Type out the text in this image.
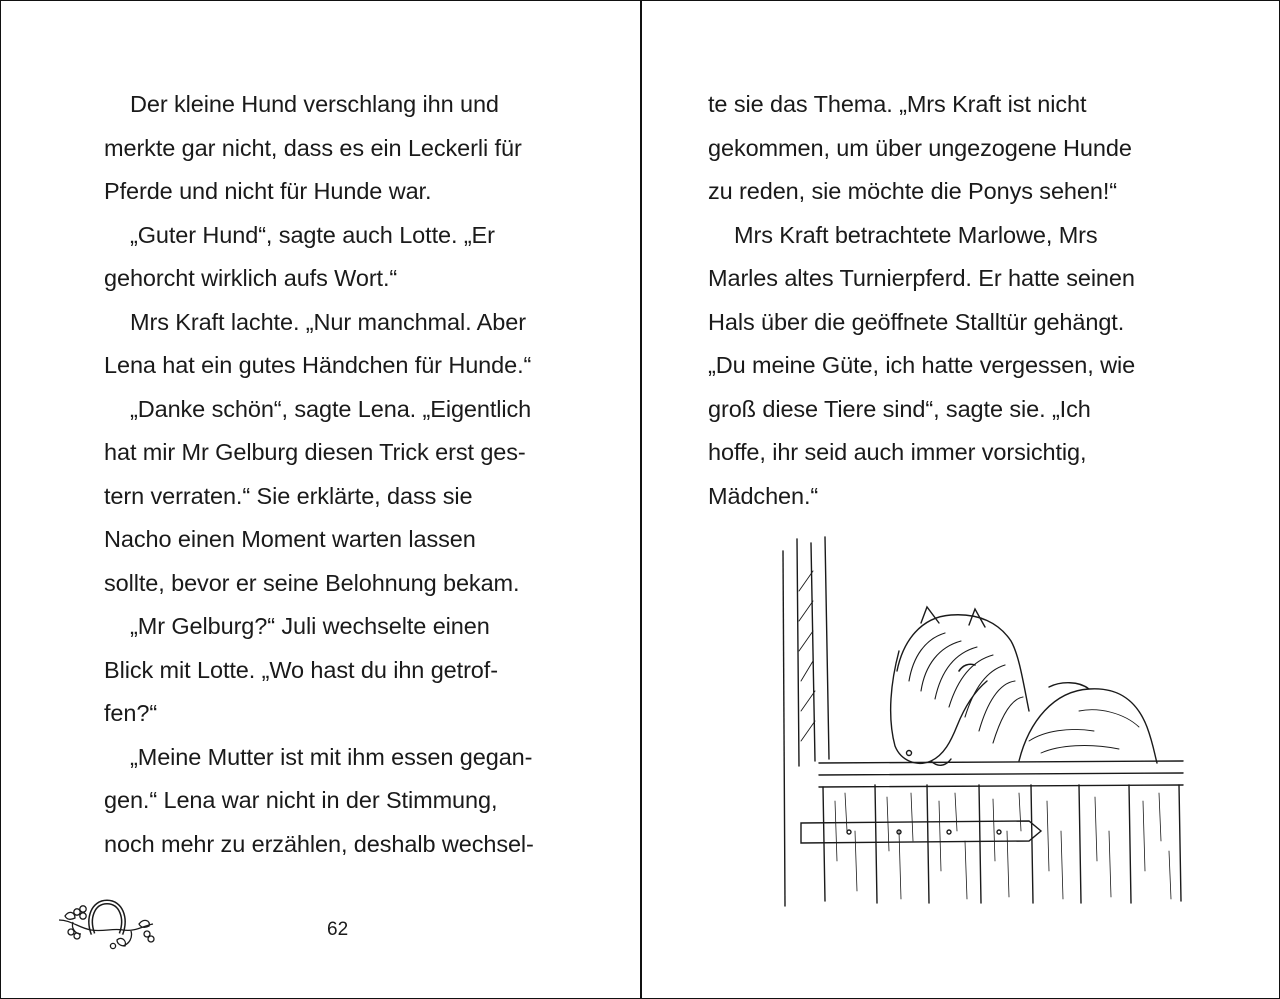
Der kleine Hund verschlang ihn und
merkte gar nicht, dass es ein Leckerli für
Pferde und nicht für Hunde war.
„Guter Hund“, sagte auch Lotte. „Er
gehorcht wirklich aufs Wort.“
Mrs Kraft lachte. „Nur manchmal. Aber
Lena hat ein gutes Händchen für Hunde.“
„Danke schön“, sagte Lena. „Eigentlich
hat mir Mr Gelburg diesen Trick erst ges-
tern verraten.“ Sie erklärte, dass sie
Nacho einen Moment warten lassen
sollte, bevor er seine Belohnung bekam.
„Mr Gelburg?“ Juli wechselte einen
Blick mit Lotte. „Wo hast du ihn getrof-
fen?“
„Meine Mutter ist mit ihm essen gegan-
gen.“ Lena war nicht in der Stimmung,
noch mehr zu erzählen, deshalb wechsel-
62
te sie das Thema. „Mrs Kraft ist nicht
gekommen, um über ungezogene Hunde
zu reden, sie möchte die Ponys sehen!“
Mrs Kraft betrachtete Marlowe, Mrs
Marles altes Turnierpferd. Er hatte seinen
Hals über die geöffnete Stalltür gehängt.
„Du meine Güte, ich hatte vergessen, wie
groß diese Tiere sind“, sagte sie. „Ich
hoffe, ihr seid auch immer vorsichtig,
Mädchen.“
